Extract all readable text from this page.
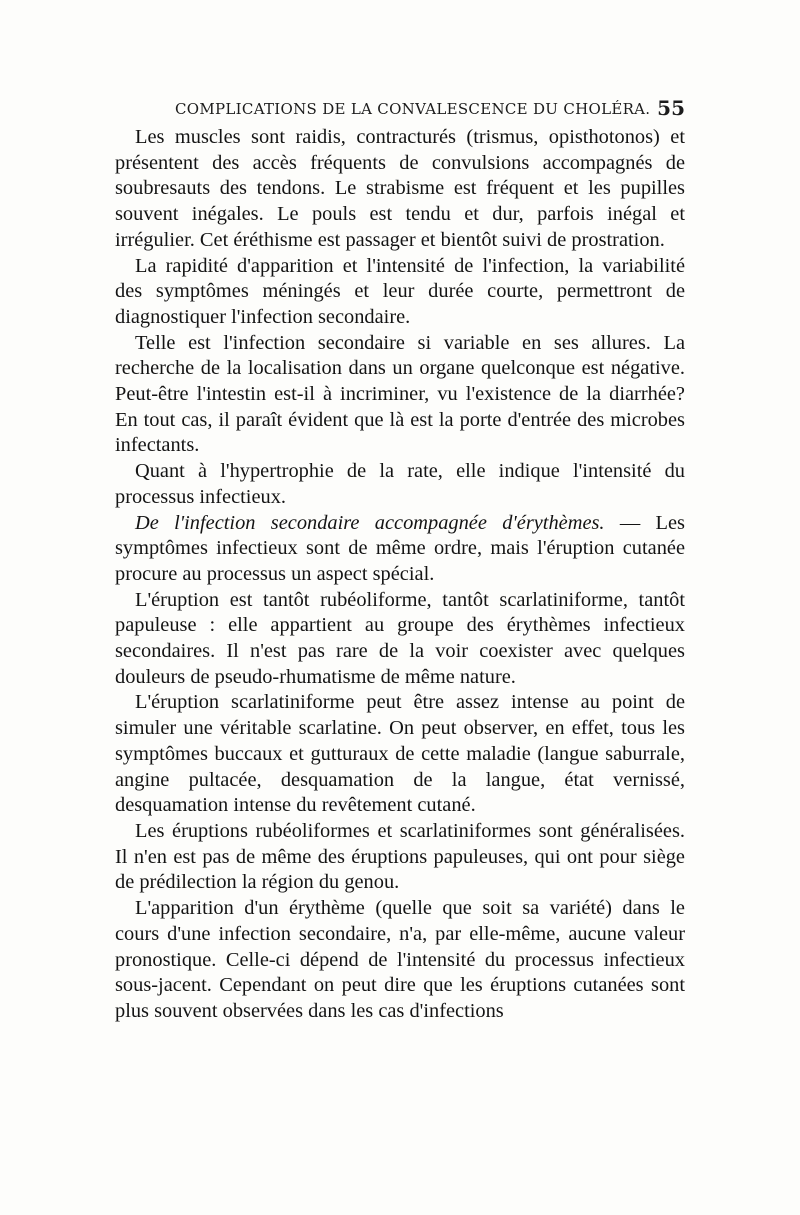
COMPLICATIONS DE LA CONVALESCENCE DU CHOLÉRA. 55

Les muscles sont raidis, contracturés (trismus, opisthotonos) et présentent des accès fréquents de convulsions accompagnés de soubresauts des tendons. Le strabisme est fréquent et les pupilles souvent inégales. Le pouls est tendu et dur, parfois inégal et irrégulier. Cet éréthisme est passager et bientôt suivi de prostration.

La rapidité d'apparition et l'intensité de l'infection, la variabilité des symptômes méningés et leur durée courte, permettront de diagnostiquer l'infection secondaire.

Telle est l'infection secondaire si variable en ses allures. La recherche de la localisation dans un organe quelconque est négative. Peut-être l'intestin est-il à incriminer, vu l'existence de la diarrhée? En tout cas, il paraît évident que là est la porte d'entrée des microbes infectants.

Quant à l'hypertrophie de la rate, elle indique l'intensité du processus infectieux.

De l'infection secondaire accompagnée d'érythèmes. — Les symptômes infectieux sont de même ordre, mais l'éruption cutanée procure au processus un aspect spécial.

L'éruption est tantôt rubéoliforme, tantôt scarlatiniforme, tantôt papuleuse : elle appartient au groupe des érythèmes infectieux secondaires. Il n'est pas rare de la voir coexister avec quelques douleurs de pseudo-rhumatisme de même nature.

L'éruption scarlatiniforme peut être assez intense au point de simuler une véritable scarlatine. On peut observer, en effet, tous les symptômes buccaux et gutturaux de cette maladie (langue saburrale, angine pultacée, desquamation de la langue, état vernissé, desquamation intense du revêtement cutané.

Les éruptions rubéoliformes et scarlatiniformes sont généralisées. Il n'en est pas de même des éruptions papuleuses, qui ont pour siège de prédilection la région du genou.

L'apparition d'un érythème (quelle que soit sa variété) dans le cours d'une infection secondaire, n'a, par elle-même, aucune valeur pronostique. Celle-ci dépend de l'intensité du processus infectieux sous-jacent. Cependant on peut dire que les éruptions cutanées sont plus souvent observées dans les cas d'infections
